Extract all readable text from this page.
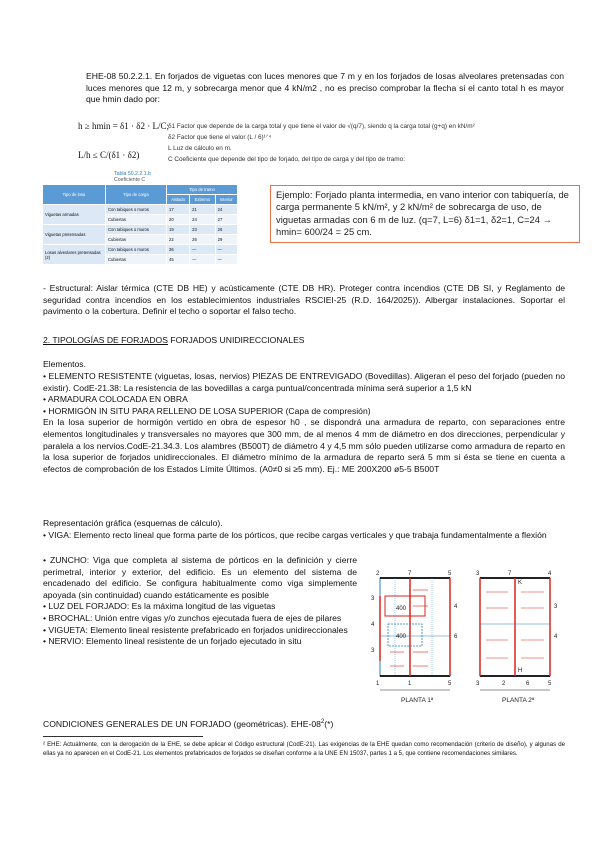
EHE-08 50.2.2.1. En forjados de viguetas con luces menores que 7 m y en los forjados de losas alveolares pretensadas con luces menores que 12 m, y sobrecarga menor que 4 kN/m2 , no es preciso comprobar la flecha si el canto total h es mayor que hmin dado por:
h ≥ hmin = δ1 · δ2 · L/C;
L/h ≤ C/(δ1 · δ2)
δ1 Factor que depende de la carga total y que tiene el valor de √(q/7), siendo q la carga total (g+q) en kN/m²
δ2 Factor que tiene el valor (L / 6)¹ᐟ⁴
L Luz de cálculo en m.
C Coeficiente que depende del tipo de forjado, del tipo de carga y del tipo de tramo:
Tabla 50.2.2.1.b
Coeficiente C
Tipo de losa	Tipo de carga	Tipo de tramo		
		Aislado	Extremo	Interior
Viguetas armadas	Con tabiques o muros	17	21	24
	Cubiertas	20	24	27
Viguetas pretensadas	Con tabiques o muros	19	23	26
	Cubiertas	22	26	29
Losas alveolares pretensadas (2)	Con tabiques o muros	36	—	—
	Cubiertas	45	—	—
Ejemplo: Forjado planta intermedia, en vano interior con tabiquería, de carga permanente 5 kN/m², y 2 kN/m² de sobrecarga de uso, de viguetas armadas con 6 m de luz. (q=7, L=6) δ1=1, δ2=1, C=24 → hmin= 600/24 = 25 cm.
- Estructural: Aislar térmica (CTE DB HE) y acústicamente (CTE DB HR). Proteger contra incendios (CTE DB SI, y Reglamento de seguridad contra incendios en los establecimientos industriales RSCIEI-25 (R.D. 164/2025)). Albergar instalaciones. Soportar el pavimento o la cobertura. Definir el techo o soportar el falso techo.
2. TIPOLOGÍAS DE FORJADOS FORJADOS UNIDIRECCIONALES
Elementos.
• ELEMENTO RESISTENTE (viguetas, losas, nervios) PIEZAS DE ENTREVIGADO (Bovedillas). Aligeran el peso del forjado (pueden no existir). CodE-21.38: La resistencia de las bovedillas a carga puntual/concentrada mínima será superior a 1,5 kN
• ARMADURA COLOCADA EN OBRA
• HORMIGÓN IN SITU PARA RELLENO DE LOSA SUPERIOR (Capa de compresión)
En la losa superior de hormigón vertido en obra de espesor h0 , se dispondrá una armadura de reparto, con separaciones entre elementos longitudinales y transversales no mayores que 300 mm, de al menos 4 mm de diámetro en dos direcciones, perpendicular y paralela a los nervios.CodE-21.34.3. Los alambres (B500T) de diámetro 4 y 4,5 mm sólo pueden utilizarse como armadura de reparto en la losa superior de forjados unidireccionales. El diámetro mínimo de la armadura de reparto será 5 mm si ésta se tiene en cuenta a efectos de comprobación de los Estados Límite Últimos. (A0≠0 si ≥5 mm). Ej.: ME 200X200 ø5-5 B500T
Representación gráfica (esquemas de cálculo).
• VIGA: Elemento recto lineal que forma parte de los pórticos, que recibe cargas verticales y que trabaja fundamentalmente a flexión
• ZUNCHO: Viga que completa al sistema de pórticos en la definición y cierre perimetral, interior y exterior, del edificio. Es un elemento del sistema de encadenado del edificio. Se configura habitualmente como viga simplemente apoyada (sin continuidad) cuando estáticamente es posible
• LUZ DEL FORJADO: Es la máxima longitud de las viguetas
• BROCHAL: Unión entre vigas y/o zunchos ejecutada fuera de ejes de pilares
• VIGUETA: Elemento lineal resistente prefabricado en forjados unidireccionales
• NERVIO: Elemento lineal resistente de un forjado ejecutado in situ
400
400
2	7	5
3
4
4
6
3
1	1	5
PLANTA 1ª
3	7
K
4
3
4
H
6
3	2	5
PLANTA 2ª
CONDICIONES GENERALES DE UN FORJADO (geométricas). EHE-$08^2(*)$
² EHE: Actualmente, con la derogación de la EHE, se debe aplicar el Código estructural (CodE-21). Las exigencias de la EHE quedan como recomendación (criterio de diseño), y algunas de ellas ya no aparecen en el CodE-21. Los elementos prefabricados de forjados se diseñan conforme a la UNE EN 15037, partes 1 a 5, que contiene recomendaciones similares.
